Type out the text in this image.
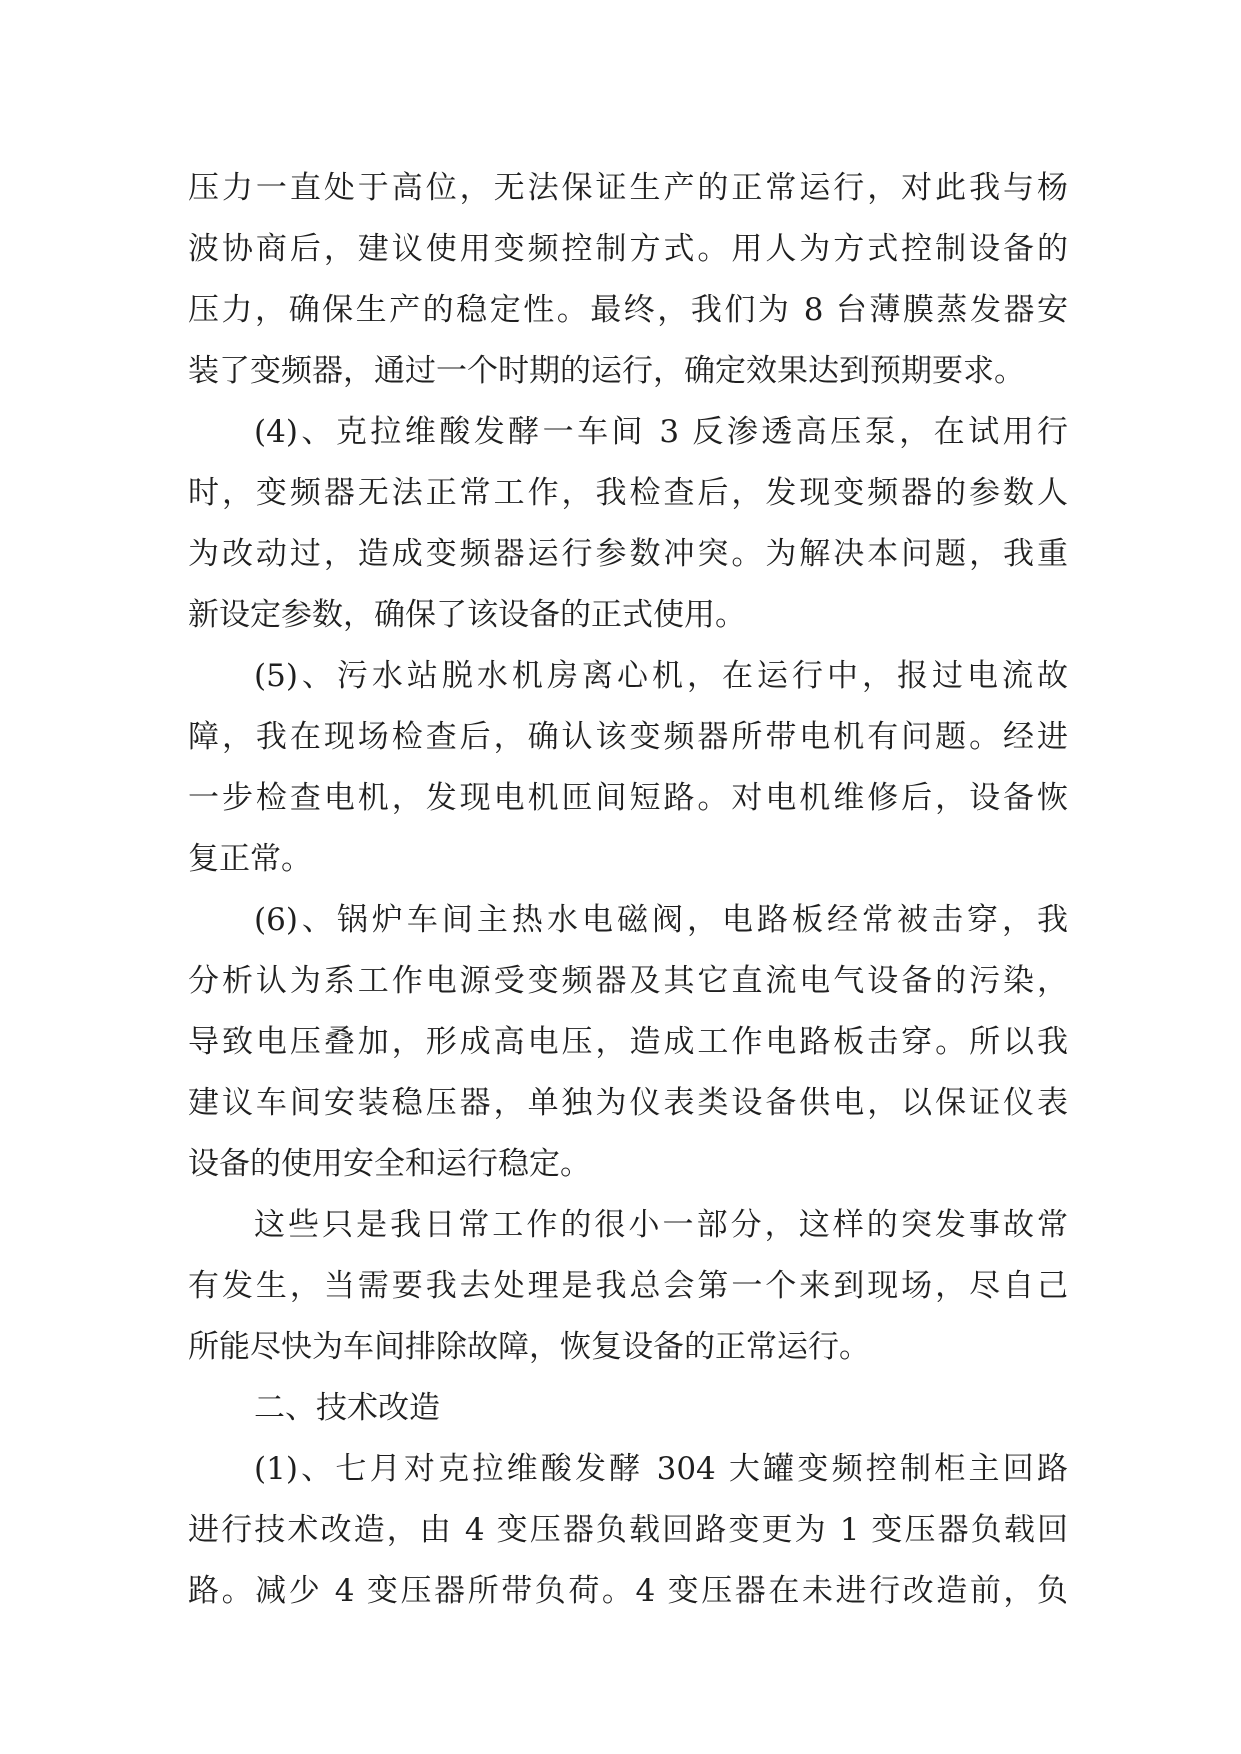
压力一直处于高位，无法保证生产的正常运行，对此我与杨
波协商后，建议使用变频控制方式。用人为方式控制设备的
压力，确保生产的稳定性。最终，我们为 8 台薄膜蒸发器安
装了变频器，通过一个时期的运行，确定效果达到预期要求。
(4)、克拉维酸发酵一车间 3 反渗透高压泵，在试用行
时，变频器无法正常工作，我检查后，发现变频器的参数人
为改动过，造成变频器运行参数冲突。为解决本问题，我重
新设定参数，确保了该设备的正式使用。
(5)、污水站脱水机房离心机，在运行中，报过电流故
障，我在现场检查后，确认该变频器所带电机有问题。经进
一步检查电机，发现电机匝间短路。对电机维修后，设备恢
复正常。
(6)、锅炉车间主热水电磁阀，电路板经常被击穿，我
分析认为系工作电源受变频器及其它直流电气设备的污染，
导致电压叠加，形成高电压，造成工作电路板击穿。所以我
建议车间安装稳压器，单独为仪表类设备供电，以保证仪表
设备的使用安全和运行稳定。
这些只是我日常工作的很小一部分，这样的突发事故常
有发生，当需要我去处理是我总会第一个来到现场，尽自己
所能尽快为车间排除故障，恢复设备的正常运行。
二、技术改造
(1)、七月对克拉维酸发酵 304 大罐变频控制柜主回路
进行技术改造，由 4 变压器负载回路变更为 1 变压器负载回
路。减少 4 变压器所带负荷。4 变压器在未进行改造前，负
